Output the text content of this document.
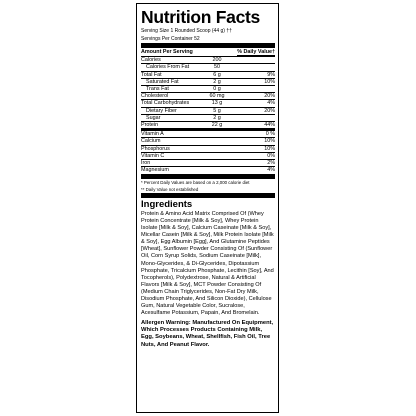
Nutrition Facts
Serving Size 1 Rounded Scoop (44 g) ††
Servings Per Container 52
Amount Per Serving	% Daily Value†
Calories	200
Calories From Fat	50
Total Fat	6 g	9%
Saturated Fat	2 g	10%
Trans Fat	0 g
Cholesterol	60 mg	20%
Total Carbohydrates	13 g	4%
Dietary Fiber	5 g	20%
Sugar	2 g
Protein	22 g	44%
Vitamin A	0 %
Calcium	10%
Phosphorus	10%
Vitamin C	0%
Iron	2%
Magnesium	4%
* Percent Daily Values are based on a 2,000 calorie diet
** Daily Value not established
Ingredients
Protein & Amino Acid Matrix Comprised Of (Whey Protein Concentrate [Milk & Soy], Whey Protein Isolate [Milk & Soy], Calcium Caseinate [Milk & Soy], Micellar Casein [Milk & Soy], Milk Protein Isolate [Milk & Soy], Egg Albumin [Egg], And Glutamine Peptides [Wheat], Sunflower Powder Consisting Of (Sunflower Oil, Corn Syrup Solids, Sodium Caseinate [Milk], Mono-Glycerides, & Di-Glycerides, Dipotassium Phosphate, Tricalcium Phosphate, Lecithin [Soy], And Tocopherols), Polydextrose, Natural & Artificial Flavors [Milk & Soy], MCT Powder Consisting Of (Medium Chain Triglycerides, Non-Fat Dry Milk, Disodium Phosphate, And Silicon Dioxide), Cellulose Gum, Natural Vegetable Color, Sucralose, Acesulfame Potassium, Papain, And Bromelain.
Allergen Warning: Manufactured On Equipment, Which Processes Products Containing Milk, Egg, Soybeans, Wheat, Shellfish, Fish Oil, Tree Nuts, And Peanut Flavor.
